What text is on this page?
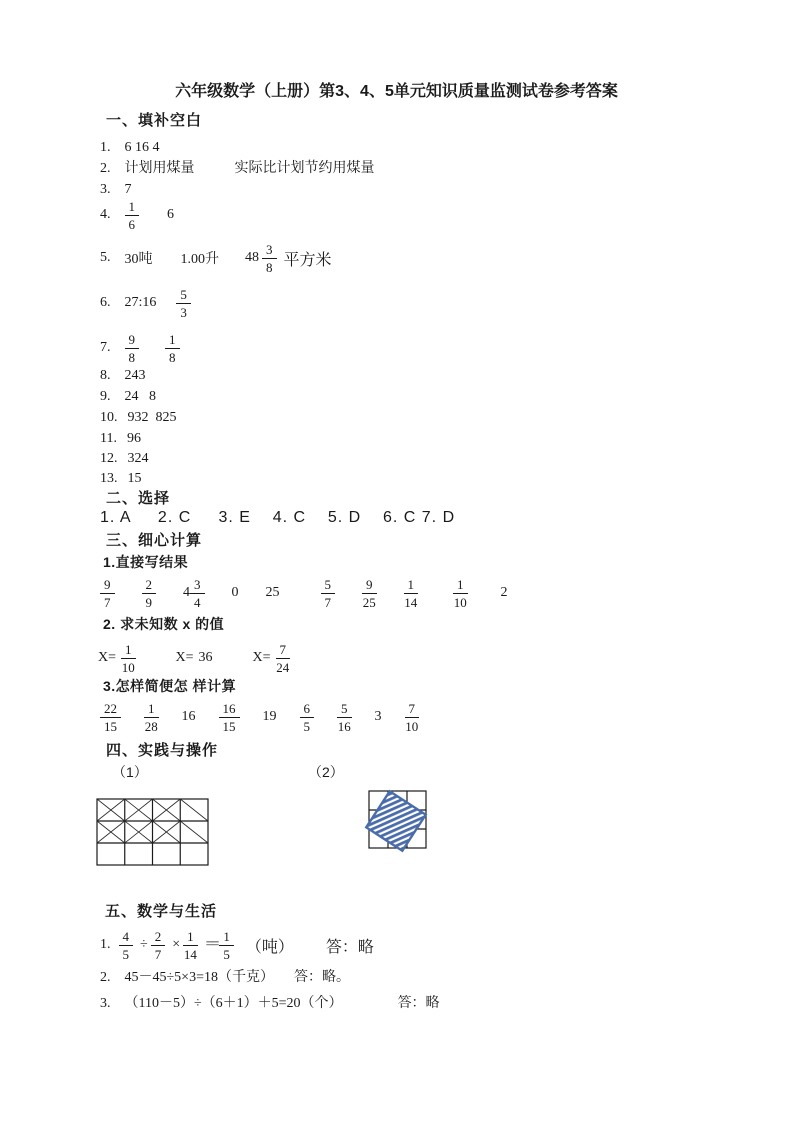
六年级数学（上册）第3、4、5单元知识质量监测试卷参考答案
一、填补空白
1. 6 16 4
2. 计划用煤量	实际比计划节约用煤量
3. 7
4. $\frac{1}{6} 6$
5. 30吨 1.00升 $48 \frac{3}{8}$ 平方米
6. 27:16 $\frac{5}{3}$
7. $\frac{9}{8} \frac{1}{8}$
8. 243
9. 24   8
10. 932  825
11. 96
12. 324
13. 15
二、选择
1. A     2. C     3. E    4. C    5. D    6. C 7. D
三、细心计算
1.直接写结果
$\frac{9}{7} \frac{2}{9} 4 \frac{3}{4} 0$ 25	$\frac{5}{7} \frac{9}{25} \frac{1}{14}$	$\frac{1}{10} 2$
2. 求未知数 x 的值
$X= \frac{1}{10}$	X= 36	$X= \frac{7}{24}$
3.怎样简便怎 样计算
$\frac{22}{15} \frac{1}{28} 16 \frac{16}{15} 19 \frac{6}{5} \frac{5}{16} 3 \frac{7}{10}$
四、实践与操作
（1）	（2）
五、数学与生活
1. $\frac{4}{5} \div \frac{2}{7} \times \frac{1}{14} == \frac{1}{5}$ （吨） 答：略
2. 45－45÷5×3=18（千克） 答：略。
3. （110－5）÷（6＋1）＋5=20（个）	答：略
